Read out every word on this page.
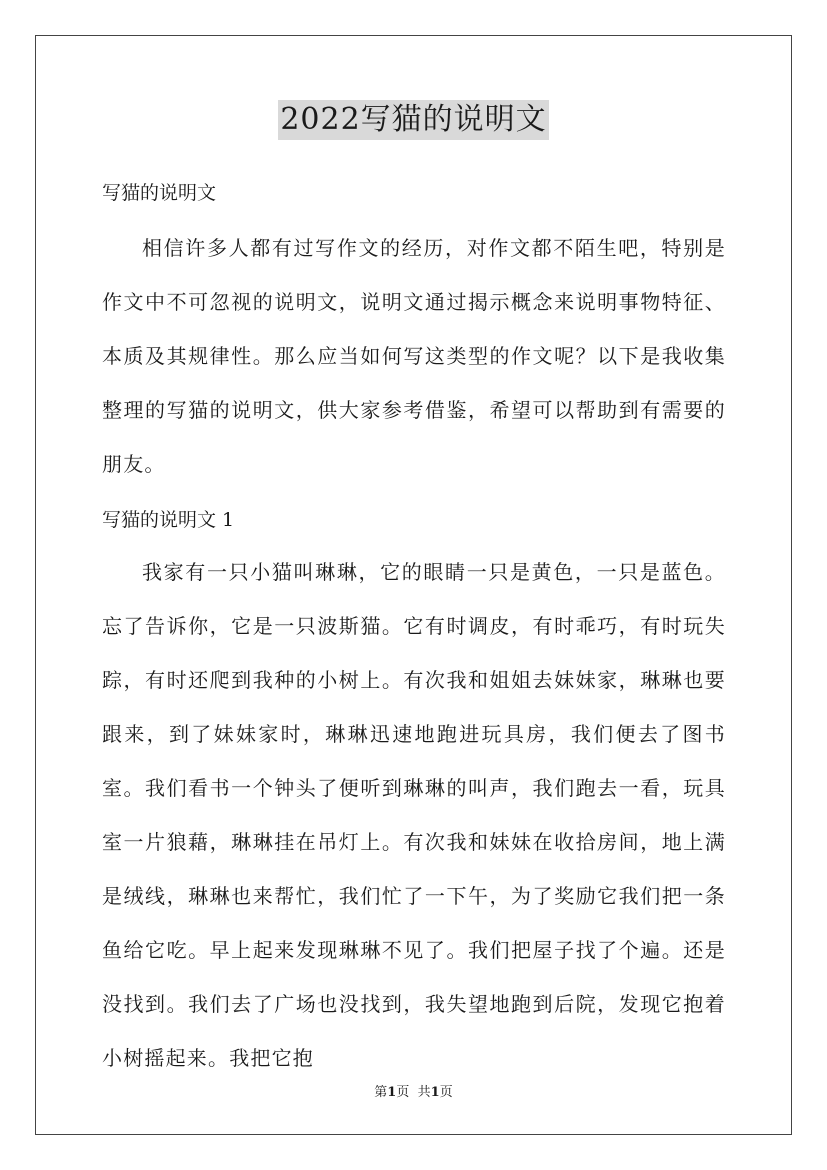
2022写猫的说明文
写猫的说明文

相信许多人都有过写作文的经历，对作文都不陌生吧，特别是作文中不可忽视的说明文，说明文通过揭示概念来说明事物特征、本质及其规律性。那么应当如何写这类型的作文呢？以下是我收集整理的写猫的说明文，供大家参考借鉴，希望可以帮助到有需要的朋友。

写猫的说明文 1

我家有一只小猫叫琳琳，它的眼睛一只是黄色，一只是蓝色。忘了告诉你，它是一只波斯猫。它有时调皮，有时乖巧，有时玩失踪，有时还爬到我种的小树上。有次我和姐姐去妹妹家，琳琳也要跟来，到了妹妹家时，琳琳迅速地跑进玩具房，我们便去了图书室。我们看书一个钟头了便听到琳琳的叫声，我们跑去一看，玩具室一片狼藉，琳琳挂在吊灯上。有次我和妹妹在收拾房间，地上满是绒线，琳琳也来帮忙，我们忙了一下午，为了奖励它我们把一条鱼给它吃。早上起来发现琳琳不见了。我们把屋子找了个遍。还是没找到。我们去了广场也没找到，我失望地跑到后院，发现它抱着小树摇起来。我把它抱

第1页 共1页
